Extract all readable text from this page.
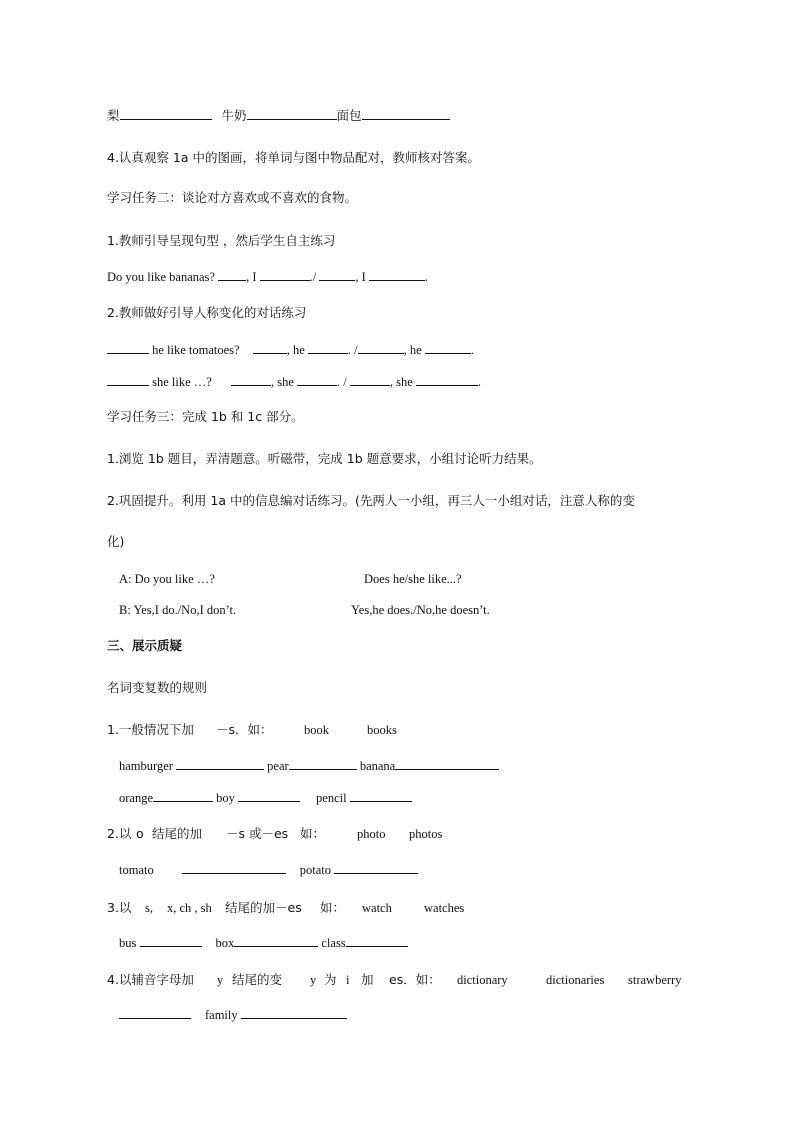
梨	牛奶	面包
4.认真观察 1a 中的图画，将单词与图中物品配对，教师核对答案。
学习任务二：谈论对方喜欢或不喜欢的食物。
1.教师引导呈现句型 ，然后学生自主练习
Do you like bananas? , I	./	, I	.
2.教师做好引导人称变化的对话练习
he like tomatoes?	, he	. /	, he	.
she like …?	, she	. /	, she	.
学习任务三：完成 1b 和 1c 部分。
1.浏览 1b 题目，弄清题意。听磁带，完成 1b 题意要求，小组讨论听力结果。
2.巩固提升。利用 1a 中的信息编对话练习。(先两人一小组，再三人一小组对话，注意人称的变
化)
A: Do you like …?	Does he/she like...?
B: Yes,I do./No,I don’t.	Yes,he does./No,he doesn’t.
三、展示质疑
名词变复数的规则
1.一般情况下加 －s．如：	book	books
hamburger	pear	banana
orange	boy	pencil
2.以 o 结尾的加 －s 或－es 如：	photo photos
tomato	potato
3.以 s, x, ch , sh 结尾的加－es 如： watch	watches
bus	box	class
4.以辅音字母加 y 结尾的变 y 为 i 加 es．如： dictionary	dictionaries strawberry
family
